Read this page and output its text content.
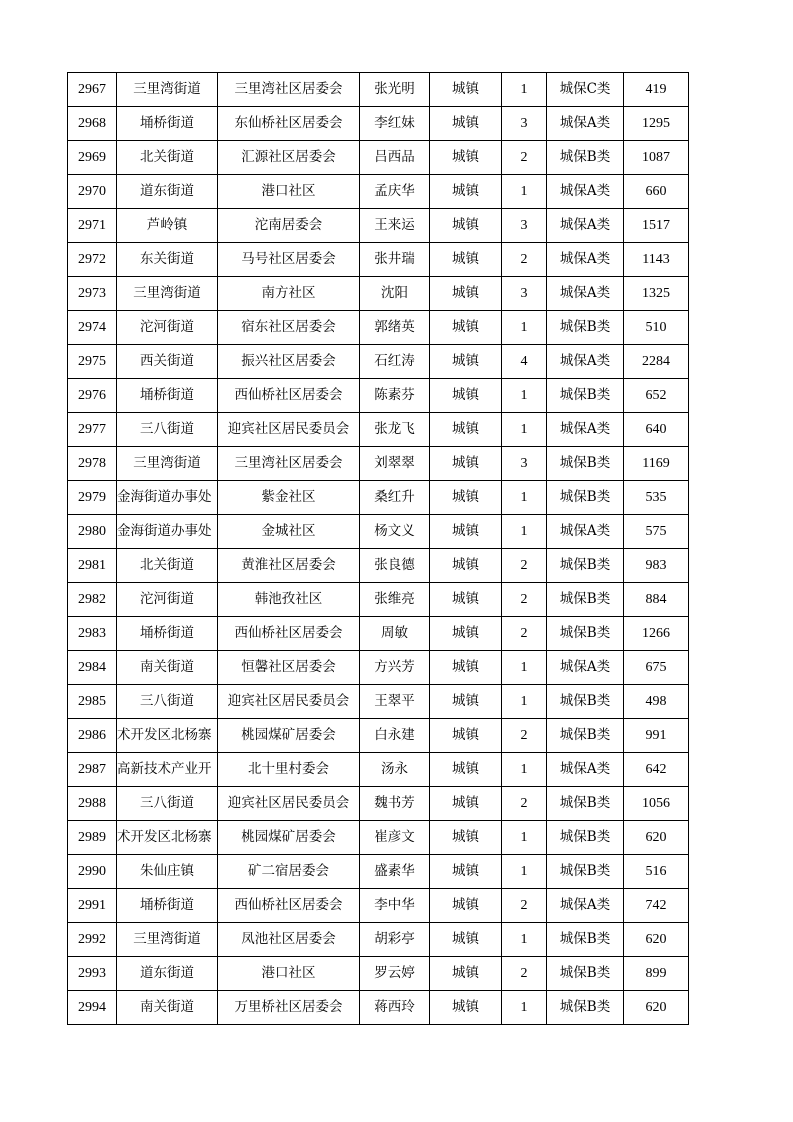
2967	三里湾街道	三里湾社区居委会	张光明	城镇	1	城保C类	419
2968	埇桥街道	东仙桥社区居委会	李红妹	城镇	3	城保A类	1295
2969	北关街道	汇源社区居委会	吕西品	城镇	2	城保B类	1087
2970	道东街道	港口社区	孟庆华	城镇	1	城保A类	660
2971	芦岭镇	沱南居委会	王来运	城镇	3	城保A类	1517
2972	东关街道	马号社区居委会	张井瑞	城镇	2	城保A类	1143
2973	三里湾街道	南方社区	沈阳	城镇	3	城保A类	1325
2974	沱河街道	宿东社区居委会	郭绪英	城镇	1	城保B类	510
2975	西关街道	振兴社区居委会	石红涛	城镇	4	城保A类	2284
2976	埇桥街道	西仙桥社区居委会	陈素芬	城镇	1	城保B类	652
2977	三八街道	迎宾社区居民委员会	张龙飞	城镇	1	城保A类	640
2978	三里湾街道	三里湾社区居委会	刘翠翠	城镇	3	城保B类	1169
2979	金海街道办事处	紫金社区	桑红升	城镇	1	城保B类	535
2980	金海街道办事处	金城社区	杨文义	城镇	1	城保A类	575
2981	北关街道	黄淮社区居委会	张良德	城镇	2	城保B类	983
2982	沱河街道	韩池孜社区	张维亮	城镇	2	城保B类	884
2983	埇桥街道	西仙桥社区居委会	周敏	城镇	2	城保B类	1266
2984	南关街道	恒馨社区居委会	方兴芳	城镇	1	城保A类	675
2985	三八街道	迎宾社区居民委员会	王翠平	城镇	1	城保B类	498
2986	术开发区北杨寨	桃园煤矿居委会	白永建	城镇	2	城保B类	991
2987	高新技术产业开	北十里村委会	汤永	城镇	1	城保A类	642
2988	三八街道	迎宾社区居民委员会	魏书芳	城镇	2	城保B类	1056
2989	术开发区北杨寨	桃园煤矿居委会	崔彦文	城镇	1	城保B类	620
2990	朱仙庄镇	矿二宿居委会	盛素华	城镇	1	城保B类	516
2991	埇桥街道	西仙桥社区居委会	李中华	城镇	2	城保A类	742
2992	三里湾街道	凤池社区居委会	胡彩亭	城镇	1	城保B类	620
2993	道东街道	港口社区	罗云婷	城镇	2	城保B类	899
2994	南关街道	万里桥社区居委会	蒋西玲	城镇	1	城保B类	620
